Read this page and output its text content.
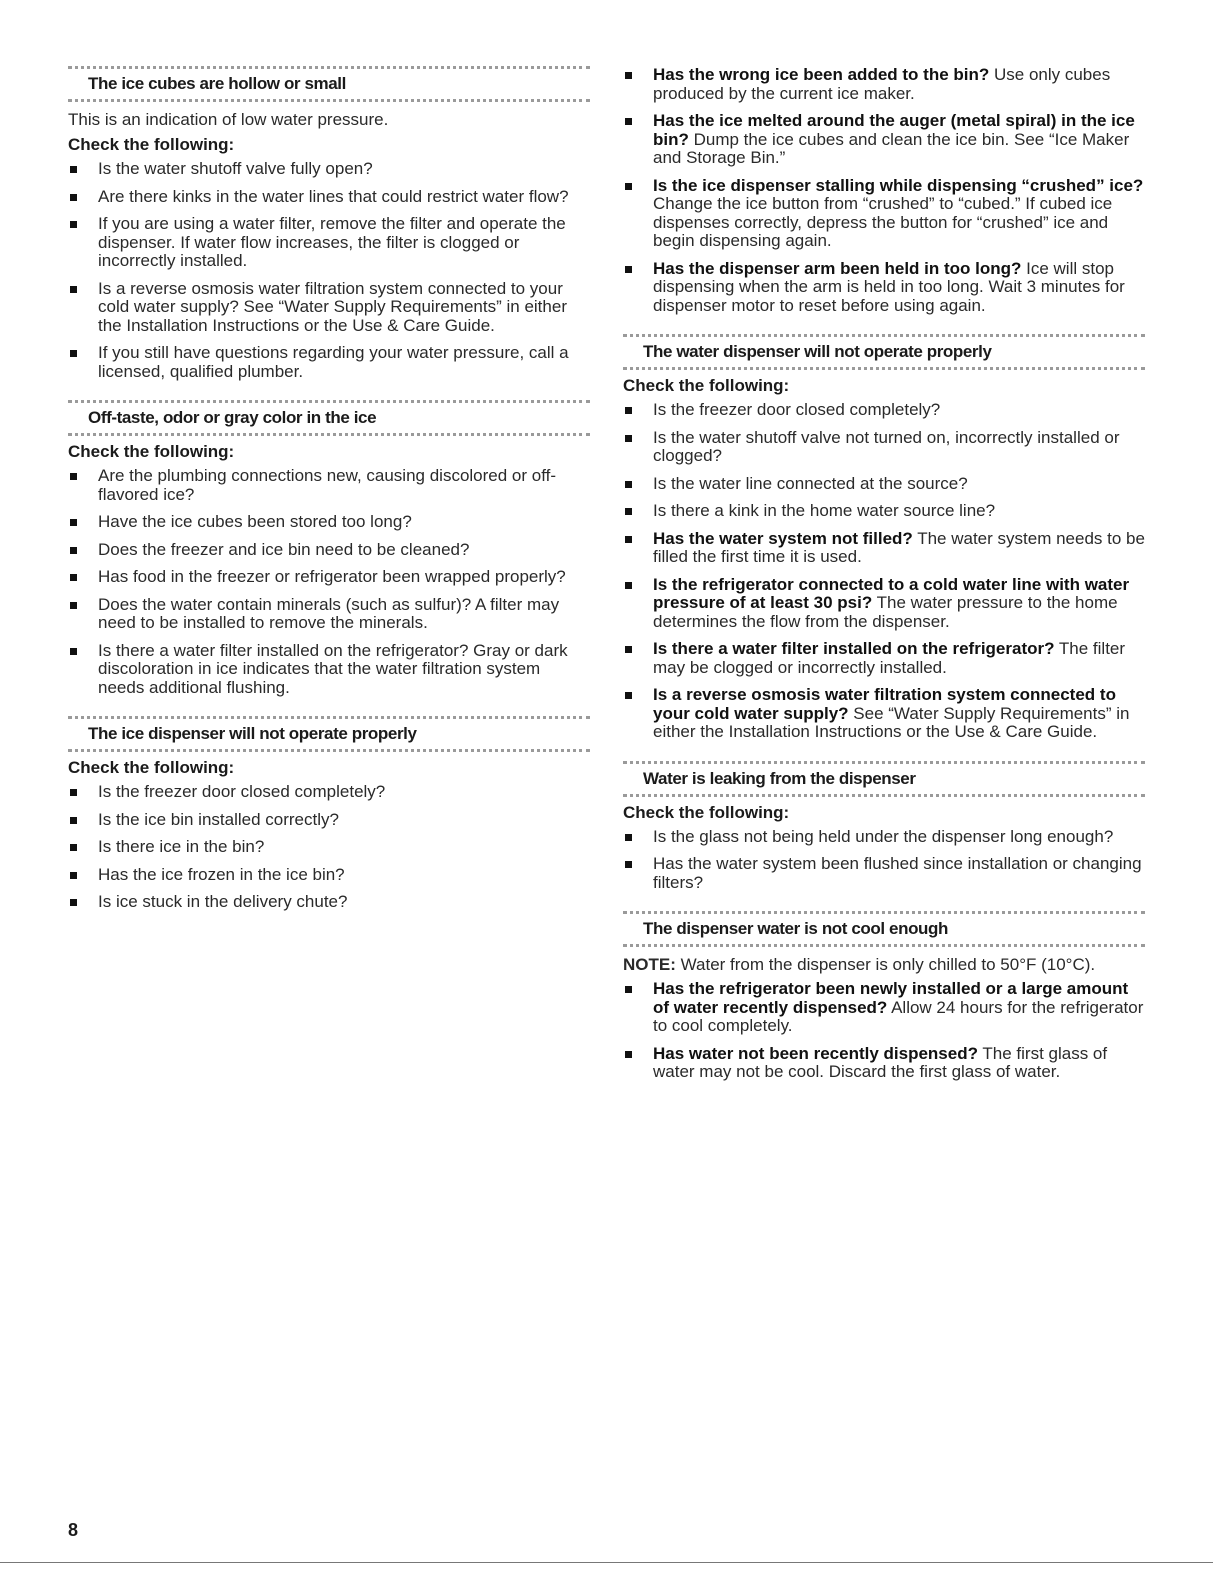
The ice cubes are hollow or small
This is an indication of low water pressure.
Check the following:
Is the water shutoff valve fully open?
Are there kinks in the water lines that could restrict water flow?
If you are using a water filter, remove the filter and operate the dispenser. If water flow increases, the filter is clogged or incorrectly installed.
Is a reverse osmosis water filtration system connected to your cold water supply? See “Water Supply Requirements” in either the Installation Instructions or the Use & Care Guide.
If you still have questions regarding your water pressure, call a licensed, qualified plumber.
Off-taste, odor or gray color in the ice
Check the following:
Are the plumbing connections new, causing discolored or off-flavored ice?
Have the ice cubes been stored too long?
Does the freezer and ice bin need to be cleaned?
Has food in the freezer or refrigerator been wrapped properly?
Does the water contain minerals (such as sulfur)? A filter may need to be installed to remove the minerals.
Is there a water filter installed on the refrigerator? Gray or dark discoloration in ice indicates that the water filtration system needs additional flushing.
The ice dispenser will not operate properly
Check the following:
Is the freezer door closed completely?
Is the ice bin installed correctly?
Is there ice in the bin?
Has the ice frozen in the ice bin?
Is ice stuck in the delivery chute?
Has the wrong ice been added to the bin? Use only cubes produced by the current ice maker.
Has the ice melted around the auger (metal spiral) in the ice bin? Dump the ice cubes and clean the ice bin. See “Ice Maker and Storage Bin.”
Is the ice dispenser stalling while dispensing “crushed” ice? Change the ice button from “crushed” to “cubed.” If cubed ice dispenses correctly, depress the button for “crushed” ice and begin dispensing again.
Has the dispenser arm been held in too long? Ice will stop dispensing when the arm is held in too long. Wait 3 minutes for dispenser motor to reset before using again.
The water dispenser will not operate properly
Check the following:
Is the freezer door closed completely?
Is the water shutoff valve not turned on, incorrectly installed or clogged?
Is the water line connected at the source?
Is there a kink in the home water source line?
Has the water system not filled? The water system needs to be filled the first time it is used.
Is the refrigerator connected to a cold water line with water pressure of at least 30 psi? The water pressure to the home determines the flow from the dispenser.
Is there a water filter installed on the refrigerator? The filter may be clogged or incorrectly installed.
Is a reverse osmosis water filtration system connected to your cold water supply? See “Water Supply Requirements” in either the Installation Instructions or the Use & Care Guide.
Water is leaking from the dispenser
Check the following:
Is the glass not being held under the dispenser long enough?
Has the water system been flushed since installation or changing filters?
The dispenser water is not cool enough
NOTE: Water from the dispenser is only chilled to 50°F (10°C).
Has the refrigerator been newly installed or a large amount of water recently dispensed? Allow 24 hours for the refrigerator to cool completely.
Has water not been recently dispensed? The first glass of water may not be cool. Discard the first glass of water.
8
